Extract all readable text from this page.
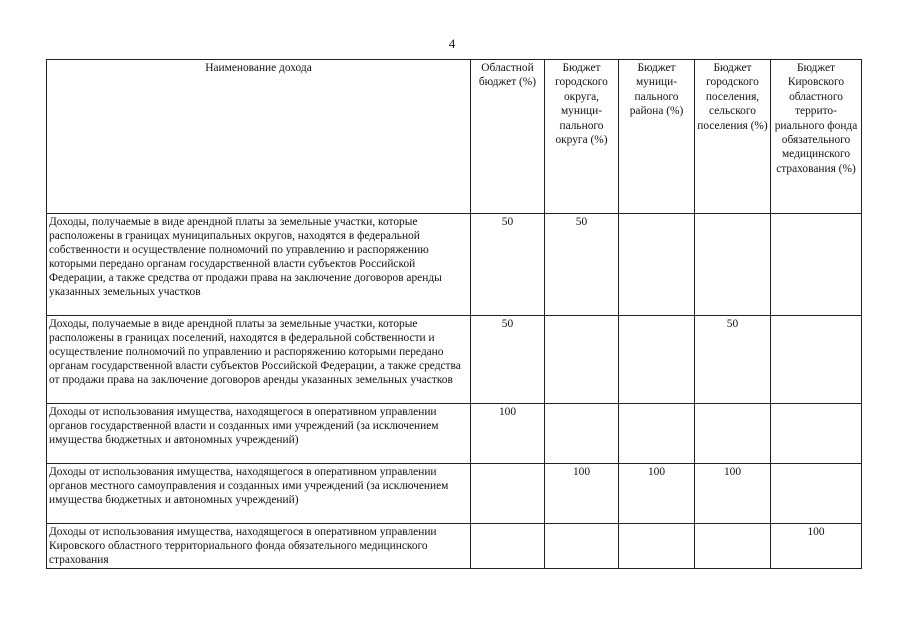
4
Наименование дохода	Областной бюджет (%)	Бюджет городского округа, муници-пального округа (%)	Бюджет муници-пального района (%)	Бюджет городского поселения, сельского поселения (%)	Бюджет Кировского областного террито-риального фонда обязательного медицинского страхования (%)

Доходы, получаемые в виде арендной платы за земельные участки, которые расположены в границах муниципальных округов, находятся в федеральной собственности и осуществление полномочий по управлению и распоряжению которыми передано органам государственной власти субъектов Российской Федерации, а также средства от продажи права на заключение договоров аренды указанных земельных участков	50	50			
Доходы, получаемые в виде арендной платы за земельные участки, которые расположены в границах поселений, находятся в федеральной собственности и осуществление полномочий по управлению и распоряжению которыми передано органам государственной власти субъектов Российской Федерации, а также средства от продажи права на заключение договоров аренды указанных земельных участков	50			50	
Доходы от использования имущества, находящегося в оперативном управлении органов государственной власти и созданных ими учреждений (за исключением имущества бюджетных и автономных учреждений)	100				
Доходы от использования имущества, находящегося в оперативном управлении органов местного самоуправления и созданных ими учреждений (за исключением имущества бюджетных и автономных учреждений)		100	100	100	
Доходы от использования имущества, находящегося в оперативном управлении Кировского областного территориального фонда обязательного медицинского страхования					100
